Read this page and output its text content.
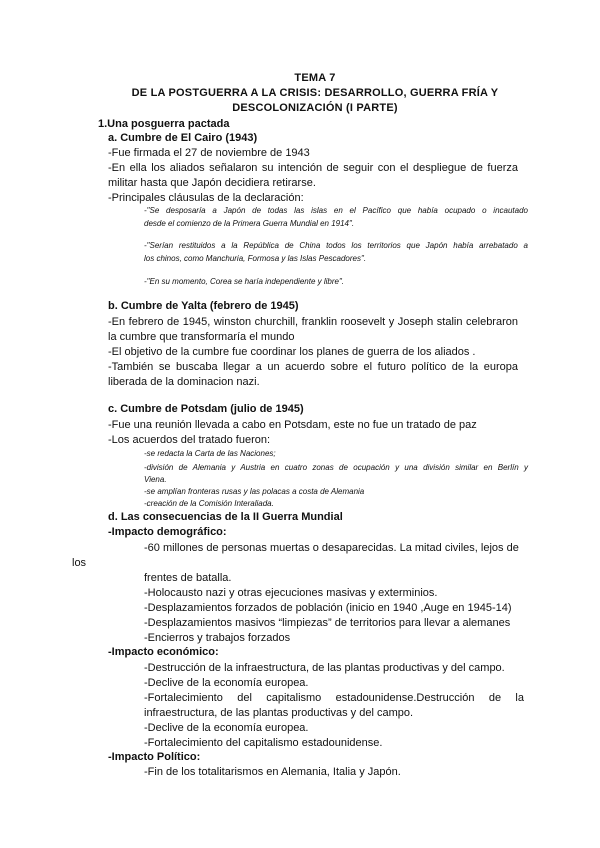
TEMA 7
DE LA POSTGUERRA A LA CRISIS: DESARROLLO, GUERRA FRÍA Y
DESCOLONIZACIÓN (I PARTE)
1.Una posguerra pactada
a. Cumbre de El Cairo (1943)
-Fue firmada el 27 de noviembre de 1943
-En ella los aliados señalaron su intención de seguir con el despliegue de fuerza
militar hasta que Japón decidiera retirarse.
-Principales cláusulas de la declaración:
-"Se desposaría a Japón de todas las islas en el Pacífico que había ocupado o incautado
desde el comienzo de la Primera Guerra Mundial en 1914".
-"Serían restituidos a la República de China todos los territorios que Japón había arrebatado a
los chinos, como Manchuria, Formosa y las Islas Pescadores".
-"En su momento, Corea se haría independiente y libre".
b. Cumbre de Yalta (febrero de 1945)
-En febrero de 1945, winston churchill, franklin roosevelt y Joseph stalin celebraron
la cumbre que transformaría el mundo
-El objetivo de la cumbre fue coordinar los planes de guerra de los aliados .
-También se buscaba llegar a un acuerdo sobre el futuro político de la europa
liberada de la dominacion nazi.
c. Cumbre de Potsdam (julio de 1945)
-Fue una reunión llevada a cabo en Potsdam, este no fue un tratado de paz
-Los acuerdos del tratado fueron:
-se redacta la Carta de las Naciones;
-división de Alemania y Austria en cuatro zonas de ocupación y una división similar en Berlín y
Viena.
-se amplían fronteras rusas y las polacas a costa de Alemania
-creación de la Comisión Interaliada.
d. Las consecuencias de la II Guerra Mundial
-Impacto demográfico:
-60 millones de personas muertas o desaparecidas. La mitad civiles, lejos de
los
frentes de batalla.
-Holocausto nazi y otras ejecuciones masivas y exterminios.
-Desplazamientos forzados de población (inicio en 1940 ,Auge en 1945-14)
-Desplazamientos masivos “limpiezas” de territorios para llevar a alemanes
-Encierros y trabajos forzados
-Impacto económico:
-Destrucción de la infraestructura, de las plantas productivas y del campo.
-Declive de la economía europea.
-Fortalecimiento del capitalismo estadounidense.Destrucción de la
infraestructura, de las plantas productivas y del campo.
-Declive de la economía europea.
-Fortalecimiento del capitalismo estadounidense.
-Impacto Político:
-Fin de los totalitarismos en Alemania, Italia y Japón.
